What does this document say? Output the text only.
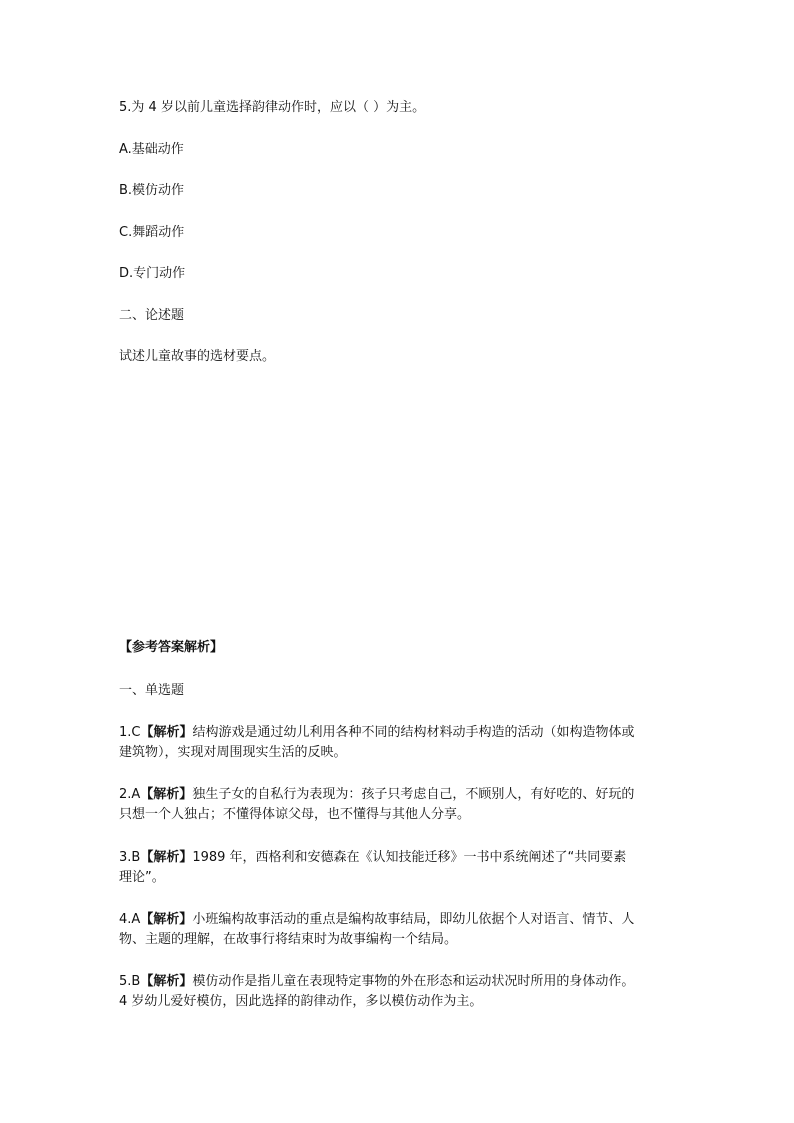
5.为 4 岁以前儿童选择韵律动作时，应以（ ）为主。
A.基础动作
B.模仿动作
C.舞蹈动作
D.专门动作
二、论述题
试述儿童故事的选材要点。
【参考答案解析】
一、单选题
1.C【解析】结构游戏是通过幼儿利用各种不同的结构材料动手构造的活动（如构造物体或
建筑物），实现对周围现实生活的反映。
2.A【解析】独生子女的自私行为表现为：孩子只考虑自己，不顾别人，有好吃的、好玩的
只想一个人独占；不懂得体谅父母，也不懂得与其他人分享。
3.B【解析】1989 年，西格利和安德森在《认知技能迁移》一书中系统阐述了“共同要素
理论”。
4.A【解析】小班编构故事活动的重点是编构故事结局，即幼儿依据个人对语言、情节、人
物、主题的理解，在故事行将结束时为故事编构一个结局。
5.B【解析】模仿动作是指儿童在表现特定事物的外在形态和运动状况时所用的身体动作。
4 岁幼儿爱好模仿，因此选择的韵律动作，多以模仿动作为主。
